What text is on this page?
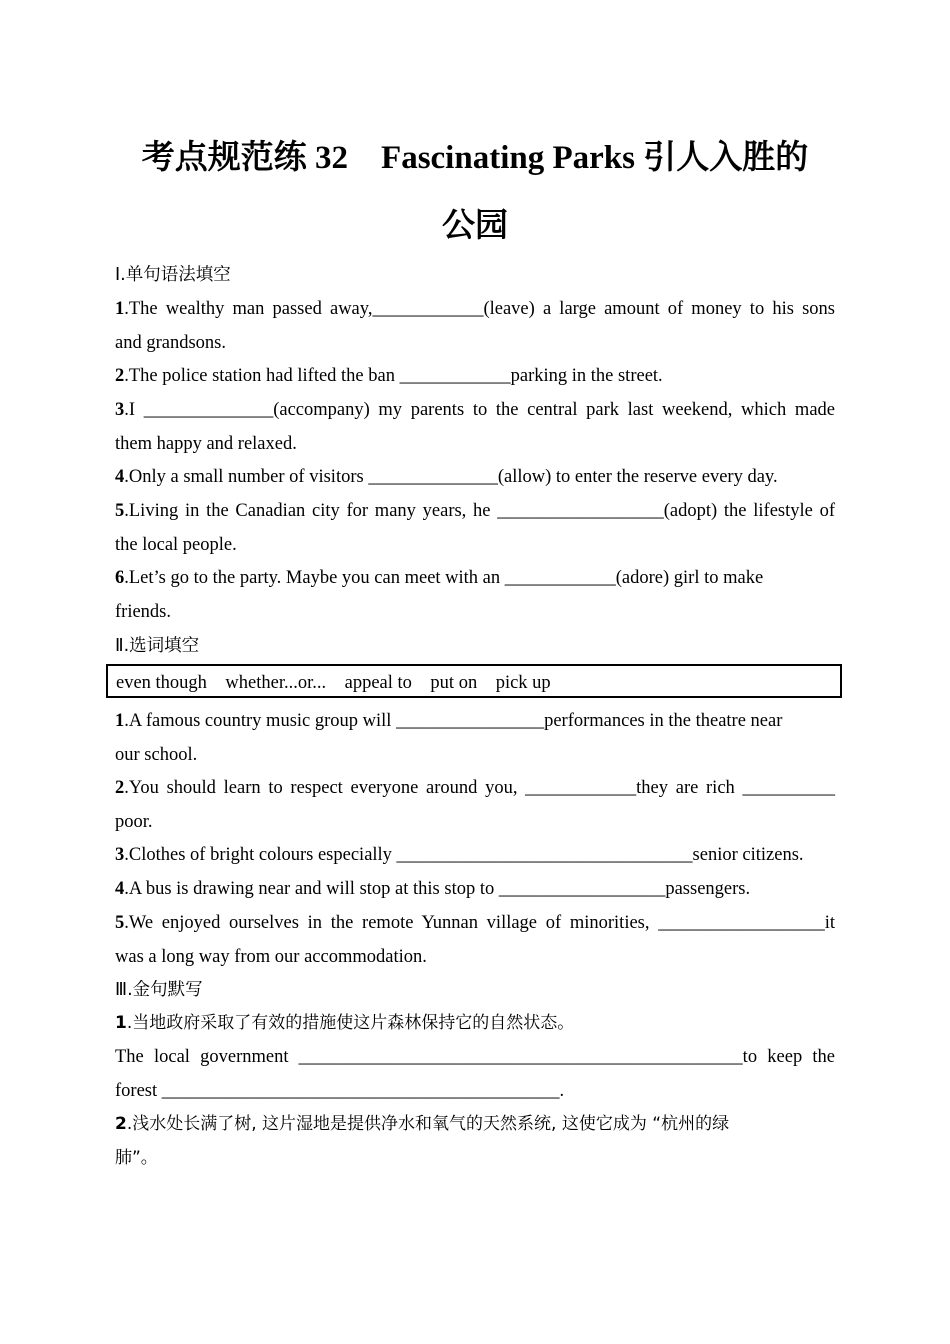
考点规范练 32　Fascinating Parks 引人入胜的
公园
Ⅰ.单句语法填空
1.The wealthy man passed away,____________(leave) a large amount of money to his sons
and grandsons.
2.The police station had lifted the ban ____________parking in the street.
3.I ______________(accompany) my parents to the central park last weekend, which made
them happy and relaxed.
4.Only a small number of visitors ______________(allow) to enter the reserve every day.
5.Living in the Canadian city for many years, he __________________(adopt) the lifestyle of
the local people.
6.Let’s go to the party. Maybe you can meet with an ____________(adore) girl to make
friends.
Ⅱ.选词填空
even though    whether...or...    appeal to    put on    pick up
1.A famous country music group will ________________performances in the theatre near
our school.
2.You should learn to respect everyone around you, ____________they are rich __________
poor.
3.Clothes of bright colours especially ________________________________senior citizens.
4.A bus is drawing near and will stop at this stop to __________________passengers.
5.We enjoyed ourselves in the remote Yunnan village of minorities, __________________it
was a long way from our accommodation.
Ⅲ.金句默写
1.当地政府采取了有效的措施使这片森林保持它的自然状态。
The local government ________________________________________________to keep the
forest ___________________________________________.
2.浅水处长满了树, 这片湿地是提供净水和氧气的天然系统, 这使它成为 “杭州的绿
肺”。
